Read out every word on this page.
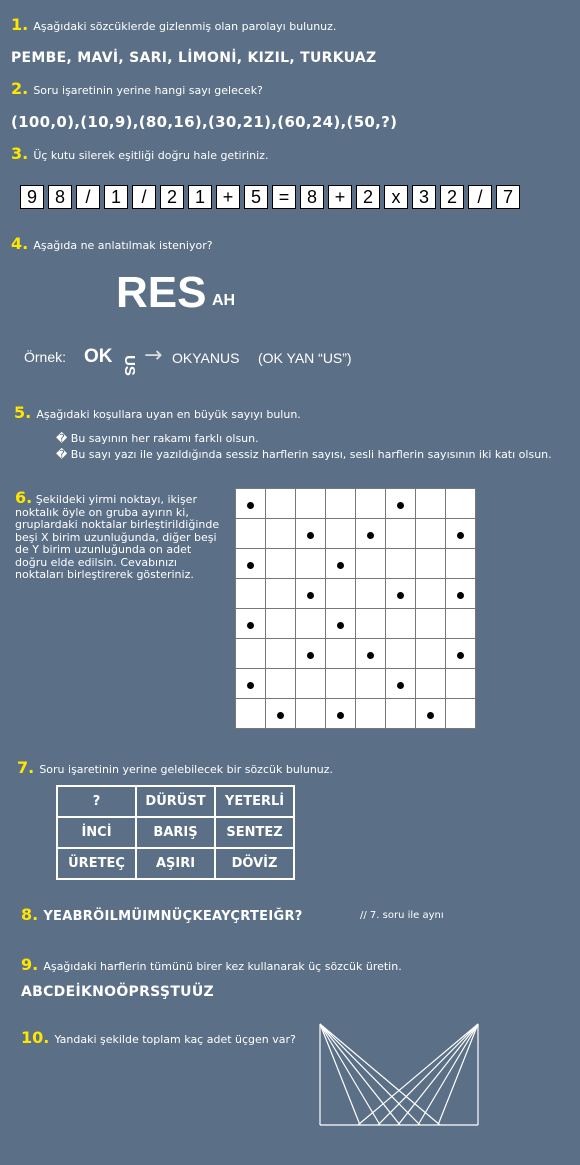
1. Aşağıdaki sözcüklerde gizlenmiş olan parolayı bulunuz.
PEMBE, MAVİ, SARI, LİMONİ, KIZIL, TURKUAZ
2. Soru işaretinin yerine hangi sayı gelecek?
(100,0),(10,9),(80,16),(30,21),(60,24),(50,?)
3. Üç kutu silerek eşitliği doğru hale getiriniz.
9 8	/	1	/	2 1 + 5 = 8 + 2	x	3 2	/	7
4. Aşağıda ne anlatılmak isteniyor?
RES AH
Örnek: OK US → OKYANUS (OK YAN “US”)
5. Aşağıdaki koşullara uyan en büyük sayıyı bulun.
� Bu sayının her rakamı farklı olsun.
� Bu sayı yazı ile yazıldığında sessiz harflerin sayısı, sesli harflerin sayısının iki katı olsun.
6. Şekildeki yirmi noktayı, ikişer noktalık öyle on gruba ayırın ki, gruplardaki noktalar birleştirildiğinde beşi X birim uzunluğunda, diğer beşi de Y birim uzunluğunda on adet doğru elde edilsin. Cevabınızı noktaları birleştirerek gösteriniz.

7. Soru işaretinin yerine gelebilecek bir sözcük bulunuz.
?	DÜRÜST	YETERLİ
İNCİ	BARIŞ	SENTEZ
ÜRETEÇ	AŞIRI	DÖVİZ
8. YEABRÖILMÜIMNÜÇKEAYÇRTEIĞR?	// 7. soru ile aynı
9. Aşağıdaki harflerin tümünü birer kez kullanarak üç sözcük üretin.
ABCDEİKNOÖPRSŞTUÜZ
10. Yandaki şekilde toplam kaç adet üçgen var?
